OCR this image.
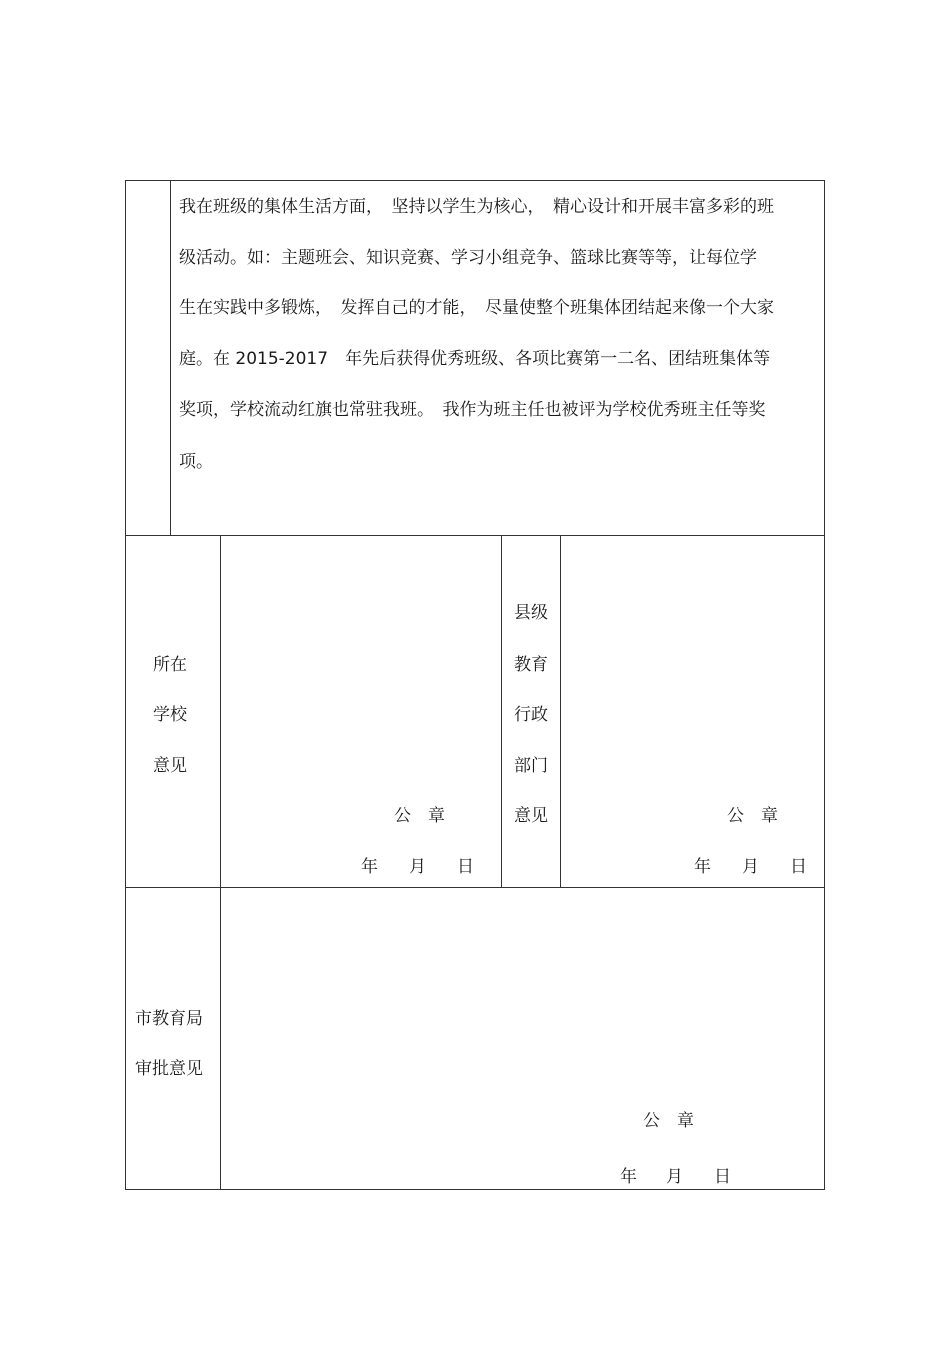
我在班级的集体生活方面，　坚持以学生为核心，　精心设计和开展丰富多彩的班
级活动。如：主题班会、知识竞赛、学习小组竞争、篮球比赛等等，让每位学
生在实践中多锻炼，　发挥自己的才能，　尽量使整个班集体团结起来像一个大家
庭。在 2015-2017　年先后获得优秀班级、各项比赛第一二名、团结班集体等
奖项，学校流动红旗也常驻我班。　我作为班主任也被评为学校优秀班主任等奖
项。
所在
学校
意见
公　章
年 月 日
县级
教育
行政
部门
意见	公　章
年 月 日
市教育局
审批意见
公　章
年 月 日
